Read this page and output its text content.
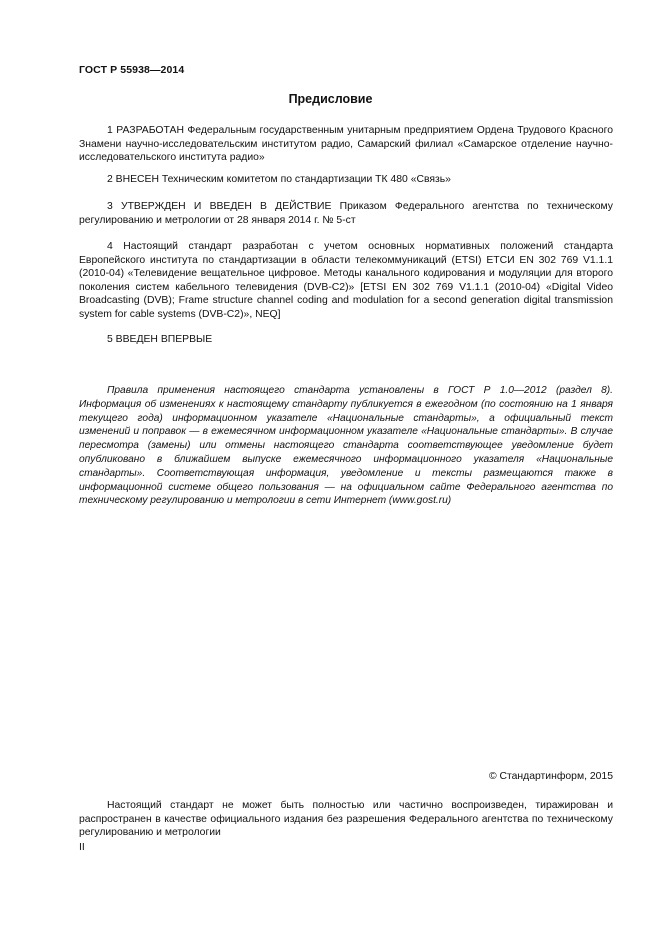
ГОСТ Р 55938—2014
Предисловие

1 РАЗРАБОТАН Федеральным государственным унитарным предприятием Ордена Трудового Красного Знамени научно-исследовательским институтом радио, Самарский филиал «Самарское отделение научно-исследовательского института радио»

2 ВНЕСЕН Техническим комитетом по стандартизации ТК 480 «Связь»

3 УТВЕРЖДЕН И ВВЕДЕН В ДЕЙСТВИЕ Приказом Федерального агентства по техническому регулированию и метрологии от 28 января 2014 г. № 5-ст

4 Настоящий стандарт разработан с учетом основных нормативных положений стандарта Европейского института по стандартизации в области телекоммуникаций (ETSI) ЕТСИ EN 302 769 V1.1.1 (2010-04) «Телевидение вещательное цифровое. Методы канального кодирования и модуляции для второго поколения систем кабельного телевидения (DVB-C2)» [ETSI EN 302 769 V1.1.1 (2010-04) «Digital Video Broadcasting (DVB); Frame structure channel coding and modulation for a second generation digital transmission system for cable systems (DVB-C2)», NEQ]

5 ВВЕДЕН ВПЕРВЫЕ

Правила применения настоящего стандарта установлены в ГОСТ Р 1.0—2012 (раздел 8). Информация об изменениях к настоящему стандарту публикуется в ежегодном (по состоянию на 1 января текущего года) информационном указателе «Национальные стандарты», а официальный текст изменений и поправок — в ежемесячном информационном указателе «Национальные стандарты». В случае пересмотра (замены) или отмены настоящего стандарта соответствующее уведомление будет опубликовано в ближайшем выпуске ежемесячного информационного указателя «Национальные стандарты». Соответствующая информация, уведомление и тексты размещаются также в информационной системе общего пользования — на официальном сайте Федерального агентства по техническому регулированию и метрологии в сети Интернет (www.gost.ru)

© Стандартинформ, 2015

Настоящий стандарт не может быть полностью или частично воспроизведен, тиражирован и распространен в качестве официального издания без разрешения Федерального агентства по техническому регулированию и метрологии

II
